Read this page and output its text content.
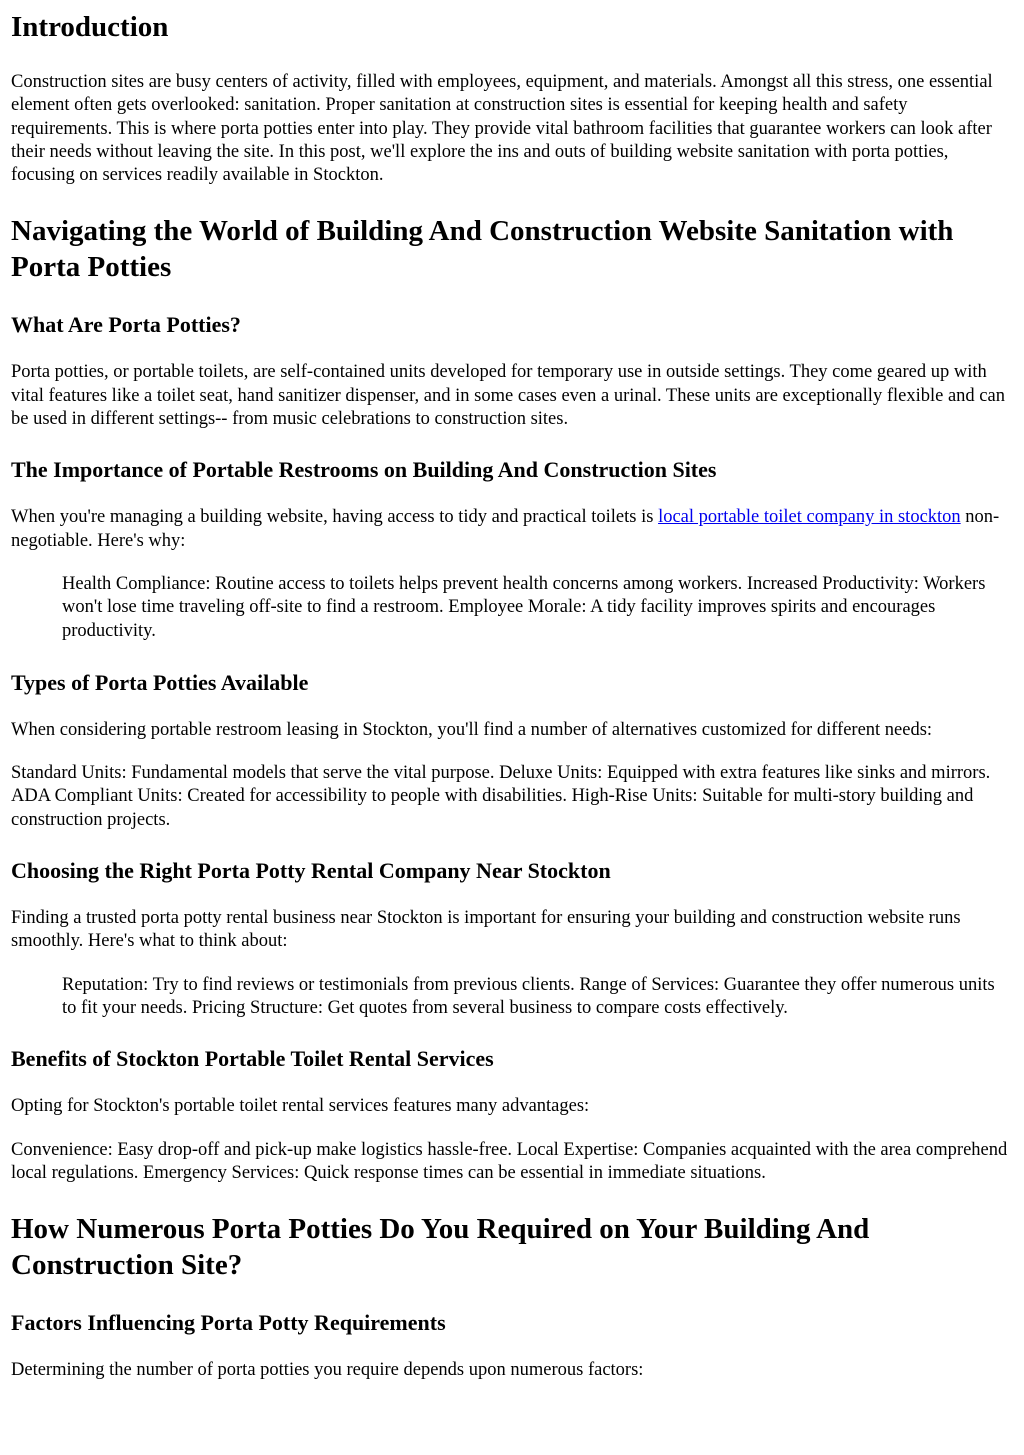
Introduction

Construction sites are busy centers of activity, filled with employees, equipment, and materials. Amongst all this stress, one essential element often gets overlooked: sanitation. Proper sanitation at construction sites is essential for keeping health and safety requirements. This is where porta potties enter into play. They provide vital bathroom facilities that guarantee workers can look after their needs without leaving the site. In this post, we'll explore the ins and outs of building website sanitation with porta potties, focusing on services readily available in Stockton.

Navigating the World of Building And Construction Website Sanitation with Porta Potties
What Are Porta Potties?

Porta potties, or portable toilets, are self-contained units developed for temporary use in outside settings. They come geared up with vital features like a toilet seat, hand sanitizer dispenser, and in some cases even a urinal. These units are exceptionally flexible and can be used in different settings-- from music celebrations to construction sites.

The Importance of Portable Restrooms on Building And Construction Sites

When you're managing a building website, having access to tidy and practical toilets is local portable toilet company in stockton non-negotiable. Here's why:

Health Compliance: Routine access to toilets helps prevent health concerns among workers. Increased Productivity: Workers won't lose time traveling off-site to find a restroom. Employee Morale: A tidy facility improves spirits and encourages productivity.
Types of Porta Potties Available

When considering portable restroom leasing in Stockton, you'll find a number of alternatives customized for different needs:

Standard Units: Fundamental models that serve the vital purpose. Deluxe Units: Equipped with extra features like sinks and mirrors. ADA Compliant Units: Created for accessibility to people with disabilities. High-Rise Units: Suitable for multi-story building and construction projects.

Choosing the Right Porta Potty Rental Company Near Stockton

Finding a trusted porta potty rental business near Stockton is important for ensuring your building and construction website runs smoothly. Here's what to think about:

Reputation: Try to find reviews or testimonials from previous clients. Range of Services: Guarantee they offer numerous units to fit your needs. Pricing Structure: Get quotes from several business to compare costs effectively.
Benefits of Stockton Portable Toilet Rental Services

Opting for Stockton's portable toilet rental services features many advantages:

Convenience: Easy drop-off and pick-up make logistics hassle-free. Local Expertise: Companies acquainted with the area comprehend local regulations. Emergency Services: Quick response times can be essential in immediate situations.

How Numerous Porta Potties Do You Required on Your Building And Construction Site?
Factors Influencing Porta Potty Requirements

Determining the number of porta potties you require depends upon numerous factors:
